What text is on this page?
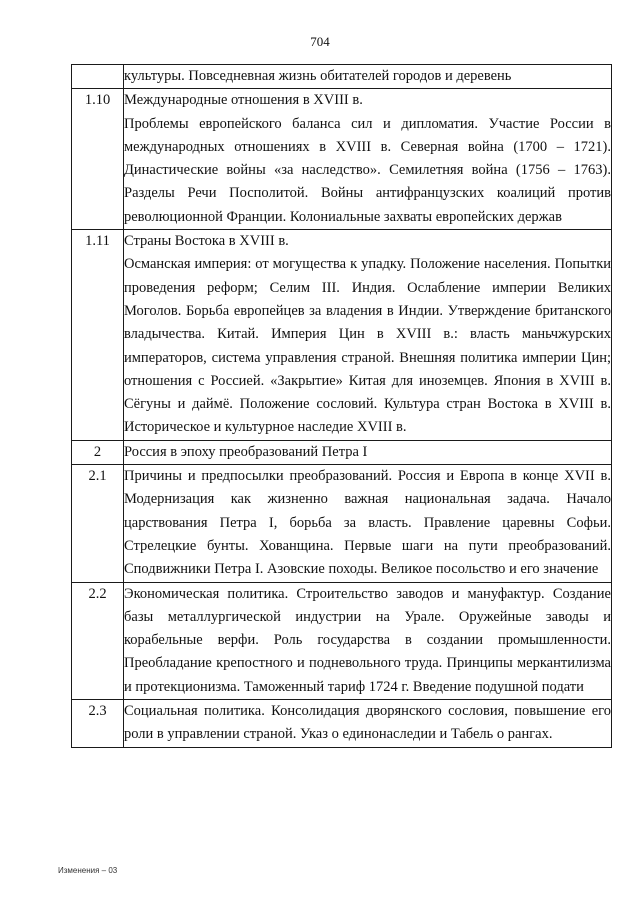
704

	культуры. Повседневная жизнь обитателей городов и деревень

1.10	Международные отношения в XVIII в.

Проблемы европейского баланса сил и дипломатия. Участие России в международных отношениях в XVIII в. Северная война (1700 – 1721). Династические войны «за наследство». Семилетняя война (1756 – 1763). Разделы Речи Посполитой. Войны антифранцузских коалиций против революционной Франции. Колониальные захваты европейских держав

1.11	Страны Востока в XVIII в.

Османская империя: от могущества к упадку. Положение населения. Попытки проведения реформ; Селим III. Индия. Ослабление империи Великих Моголов. Борьба европейцев за владения в Индии. Утверждение британского владычества. Китай. Империя Цин в XVIII в.: власть маньчжурских императоров, система управления страной. Внешняя политика империи Цин; отношения с Россией. «Закрытие» Китая для иноземцев. Япония в XVIII в. Сёгуны и даймё. Положение сословий. Культура стран Востока в XVIII в. Историческое и культурное наследие XVIII в.

2	Россия в эпоху преобразований Петра I

2.1	Причины и предпосылки преобразований. Россия и Европа в конце XVII в. Модернизация как жизненно важная национальная задача. Начало царствования Петра I, борьба за власть. Правление царевны Софьи. Стрелецкие бунты. Хованщина. Первые шаги на пути преобразований. Сподвижники Петра I. Азовские походы. Великое посольство и его значение

2.2	Экономическая политика. Строительство заводов и мануфактур. Создание базы металлургической индустрии на Урале. Оружейные заводы и корабельные верфи. Роль государства в создании промышленности. Преобладание крепостного и подневольного труда. Принципы меркантилизма и протекционизма. Таможенный тариф 1724 г. Введение подушной подати

2.3	Социальная политика. Консолидация дворянского сословия, повышение его роли в управлении страной. Указ о единонаследии и Табель о рангах.

Изменения – 03
